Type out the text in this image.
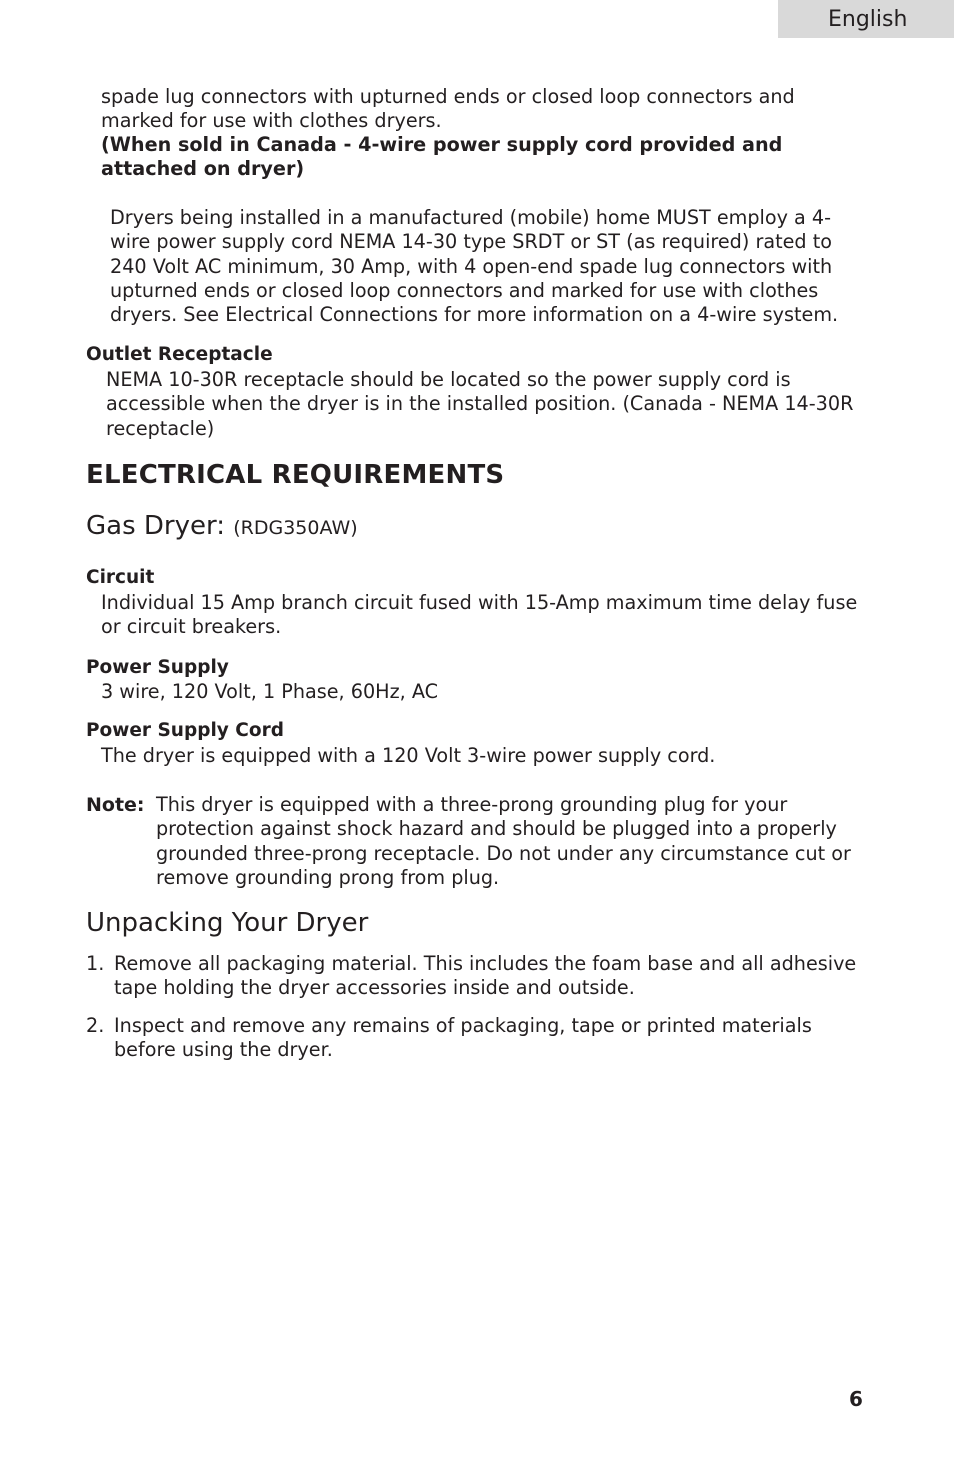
English

spade lug connectors with upturned ends or closed loop connectors and marked for use with clothes dryers.

(When sold in Canada - 4-wire power supply cord provided and attached on dryer)

Dryers being installed in a manufactured (mobile) home MUST employ a 4-wire power supply cord NEMA 14-30 type SRDT or ST (as required) rated to 240 Volt AC minimum, 30 Amp, with 4 open-end spade lug connectors with upturned ends or closed loop connectors and marked for use with clothes dryers. See Electrical Connections for more information on a 4-wire system.

Outlet Receptacle

NEMA 10-30R receptacle should be located so the power supply cord is accessible when the dryer is in the installed position. (Canada - NEMA 14-30R receptacle)

ELECTRICAL REQUIREMENTS
Gas Dryer: (RDG350AW)

Circuit

Individual 15 Amp branch circuit fused with 15-Amp maximum time delay fuse or circuit breakers.

Power Supply

3 wire, 120 Volt, 1 Phase, 60Hz, AC

Power Supply Cord

The dryer is equipped with a 120 Volt 3-wire power supply cord.

Note: This dryer is equipped with a three-prong grounding plug for your protection against shock hazard and should be plugged into a properly grounded three-prong receptacle. Do not under any circumstance cut or remove grounding prong from plug.

Unpacking Your Dryer
1. Remove all packaging material. This includes the foam base and all adhesive tape holding the dryer accessories inside and outside.

2. Inspect and remove any remains of packaging, tape or printed materials before using the dryer.

6
